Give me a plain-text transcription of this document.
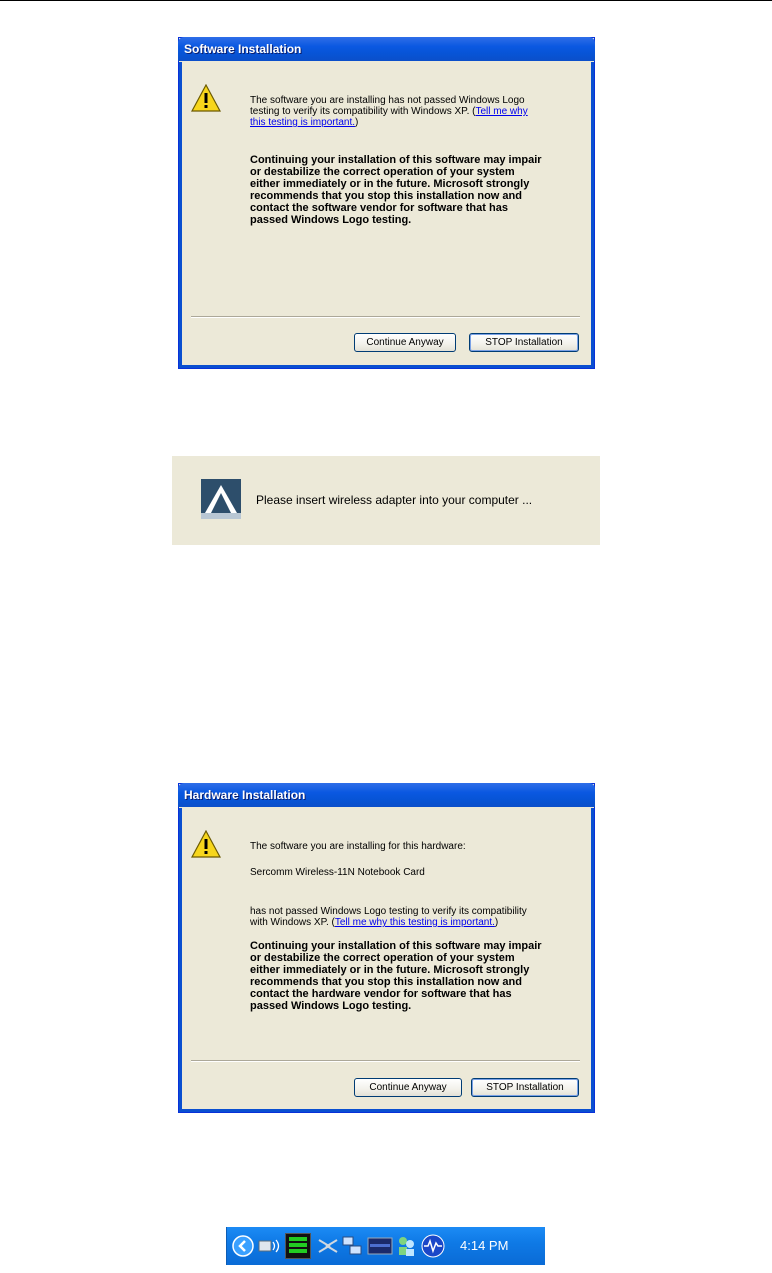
Software Installation
The software you are installing has not passed Windows Logo
testing to verify its compatibility with Windows XP. (Tell me why
this testing is important.)
Continuing your installation of this software may impair
or destabilize the correct operation of your system
either immediately or in the future. Microsoft strongly
recommends that you stop this installation now and
contact the software vendor for software that has
passed Windows Logo testing.
Continue Anyway	STOP Installation
Please insert wireless adapter into your computer ...
Hardware Installation
The software you are installing for this hardware:
Sercomm Wireless-11N Notebook Card
has not passed Windows Logo testing to verify its compatibility
with Windows XP. (Tell me why this testing is important.)
Continuing your installation of this software may impair
or destabilize the correct operation of your system
either immediately or in the future. Microsoft strongly
recommends that you stop this installation now and
contact the hardware vendor for software that has
passed Windows Logo testing.
Continue Anyway	STOP Installation
4:14 PM
